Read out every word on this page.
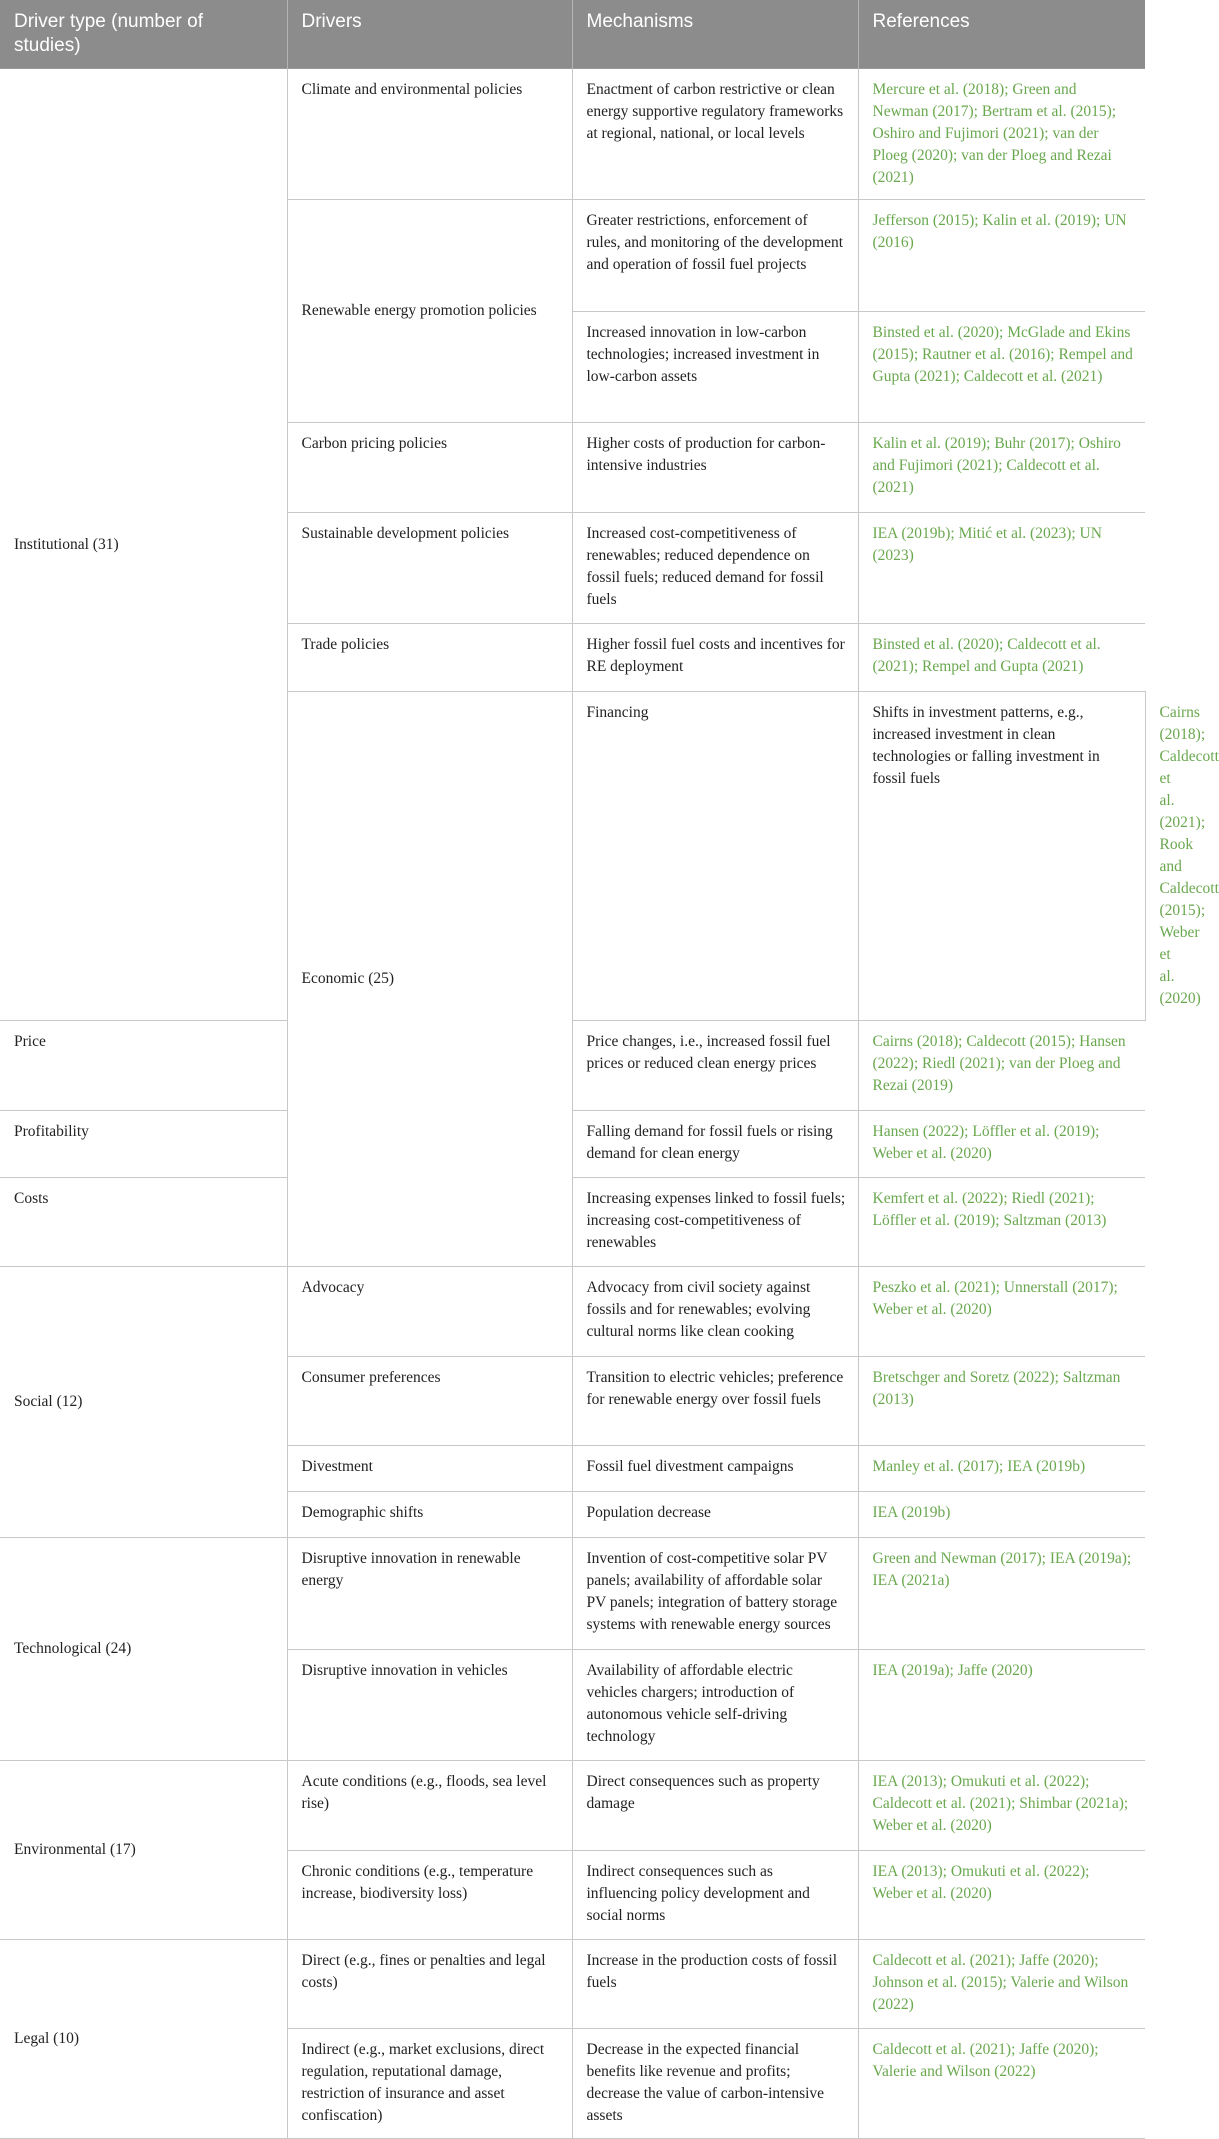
Driver type (number of studies)	Drivers	Mechanisms	References	
Institutional (31)	Climate and environmental policies	Enactment of carbon restrictive or clean energy supportive regulatory frameworks at regional, national, or local levels	Mercure et al. (2018); Green and Newman (2017); Bertram et al. (2015); Oshiro and Fujimori (2021); van der Ploeg (2020); van der Ploeg and Rezai (2021)	
	Renewable energy promotion policies	Greater restrictions, enforcement of rules, and monitoring of the development and operation of fossil fuel projects	Jefferson (2015); Kalin et al. (2019); UN (2016)	
		Increased innovation in low-carbon technologies; increased investment in low-carbon assets	Binsted et al. (2020); McGlade and Ekins (2015); Rautner et al. (2016); Rempel and Gupta (2021); Caldecott et al. (2021)	
	Carbon pricing policies	Higher costs of production for carbon-intensive industries	Kalin et al. (2019); Buhr (2017); Oshiro and Fujimori (2021); Caldecott et al. (2021)	
	Sustainable development policies	Increased cost-competitiveness of renewables; reduced dependence on fossil fuels; reduced demand for fossil fuels	IEA (2019b); Mitić et al. (2023); UN (2023)	
	Trade policies	Higher fossil fuel costs and incentives for RE deployment	Binsted et al. (2020); Caldecott et al. (2021); Rempel and Gupta (2021)	
	Economic (25)	Financing	Shifts in investment patterns, e.g., increased investment in clean technologies or falling investment in fossil fuels	Cairns (2018); Caldecott et al. (2021); Rook and Caldecott (2015); Weber et al. (2020)
Price		Price changes, i.e., increased fossil fuel prices or reduced clean energy prices	Cairns (2018); Caldecott (2015); Hansen (2022); Riedl (2021); van der Ploeg and Rezai (2019)	
Profitability		Falling demand for fossil fuels or rising demand for clean energy	Hansen (2022); Löffler et al. (2019); Weber et al. (2020)	
Costs		Increasing expenses linked to fossil fuels; increasing cost-competitiveness of renewables	Kemfert et al. (2022); Riedl (2021); Löffler et al. (2019); Saltzman (2013)	
Social (12)	Advocacy	Advocacy from civil society against fossils and for renewables; evolving cultural norms like clean cooking	Peszko et al. (2021); Unnerstall (2017); Weber et al. (2020)	
	Consumer preferences	Transition to electric vehicles; preference for renewable energy over fossil fuels	Bretschger and Soretz (2022); Saltzman (2013)	
	Divestment	Fossil fuel divestment campaigns	Manley et al. (2017); IEA (2019b)	
	Demographic shifts	Population decrease	IEA (2019b)	
Technological (24)	Disruptive innovation in renewable energy	Invention of cost-competitive solar PV panels; availability of affordable solar PV panels; integration of battery storage systems with renewable energy sources	Green and Newman (2017); IEA (2019a); IEA (2021a)	
	Disruptive innovation in vehicles	Availability of affordable electric vehicles chargers; introduction of autonomous vehicle self-driving technology	IEA (2019a); Jaffe (2020)	
Environmental (17)	Acute conditions (e.g., floods, sea level rise)	Direct consequences such as property damage	IEA (2013); Omukuti et al. (2022); Caldecott et al. (2021); Shimbar (2021a); Weber et al. (2020)	
	Chronic conditions (e.g., temperature increase, biodiversity loss)	Indirect consequences such as influencing policy development and social norms	IEA (2013); Omukuti et al. (2022); Weber et al. (2020)	
Legal (10)	Direct (e.g., fines or penalties and legal costs)	Increase in the production costs of fossil fuels	Caldecott et al. (2021); Jaffe (2020); Johnson et al. (2015); Valerie and Wilson (2022)	
	Indirect (e.g., market exclusions, direct regulation, reputational damage, restriction of insurance and asset confiscation)	Decrease in the expected financial benefits like revenue and profits; decrease the value of carbon-intensive assets	Caldecott et al. (2021); Jaffe (2020); Valerie and Wilson (2022)	
